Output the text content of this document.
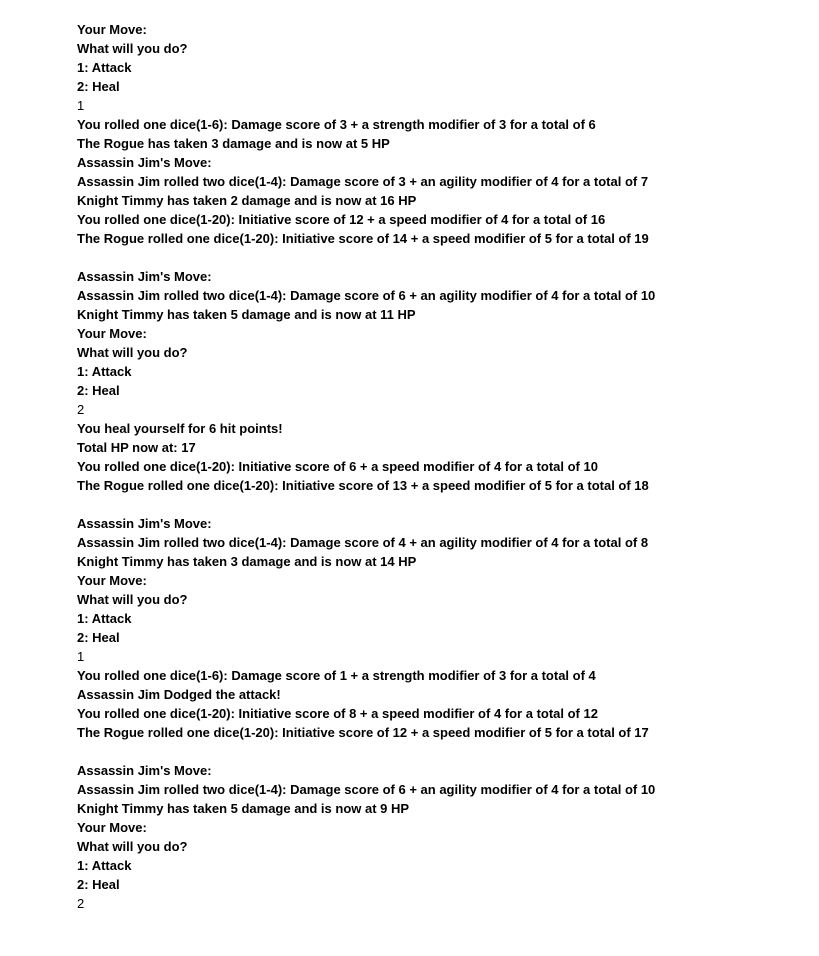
Your Move:
What will you do?
1: Attack
2: Heal
1
You rolled one dice(1-6): Damage score of 3 + a strength modifier of 3 for a total of 6
The Rogue has taken 3 damage and is now at 5 HP
Assassin Jim's Move:
Assassin Jim rolled two dice(1-4): Damage score of 3 + an agility modifier of 4 for a total of 7
Knight Timmy has taken 2 damage and is now at 16 HP
You rolled one dice(1-20): Initiative score of 12 + a speed modifier of 4 for a total of 16
The Rogue rolled one dice(1-20): Initiative score of 14 + a speed modifier of 5 for a total of 19
Assassin Jim's Move:
Assassin Jim rolled two dice(1-4): Damage score of 6 + an agility modifier of 4 for a total of 10
Knight Timmy has taken 5 damage and is now at 11 HP
Your Move:
What will you do?
1: Attack
2: Heal
2
You heal yourself for 6 hit points!
Total HP now at: 17
You rolled one dice(1-20): Initiative score of 6 + a speed modifier of 4 for a total of 10
The Rogue rolled one dice(1-20): Initiative score of 13 + a speed modifier of 5 for a total of 18
Assassin Jim's Move:
Assassin Jim rolled two dice(1-4): Damage score of 4 + an agility modifier of 4 for a total of 8
Knight Timmy has taken 3 damage and is now at 14 HP
Your Move:
What will you do?
1: Attack
2: Heal
1
You rolled one dice(1-6): Damage score of 1 + a strength modifier of 3 for a total of 4
Assassin Jim Dodged the attack!
You rolled one dice(1-20): Initiative score of 8 + a speed modifier of 4 for a total of 12
The Rogue rolled one dice(1-20): Initiative score of 12 + a speed modifier of 5 for a total of 17
Assassin Jim's Move:
Assassin Jim rolled two dice(1-4): Damage score of 6 + an agility modifier of 4 for a total of 10
Knight Timmy has taken 5 damage and is now at 9 HP
Your Move:
What will you do?
1: Attack
2: Heal
2
